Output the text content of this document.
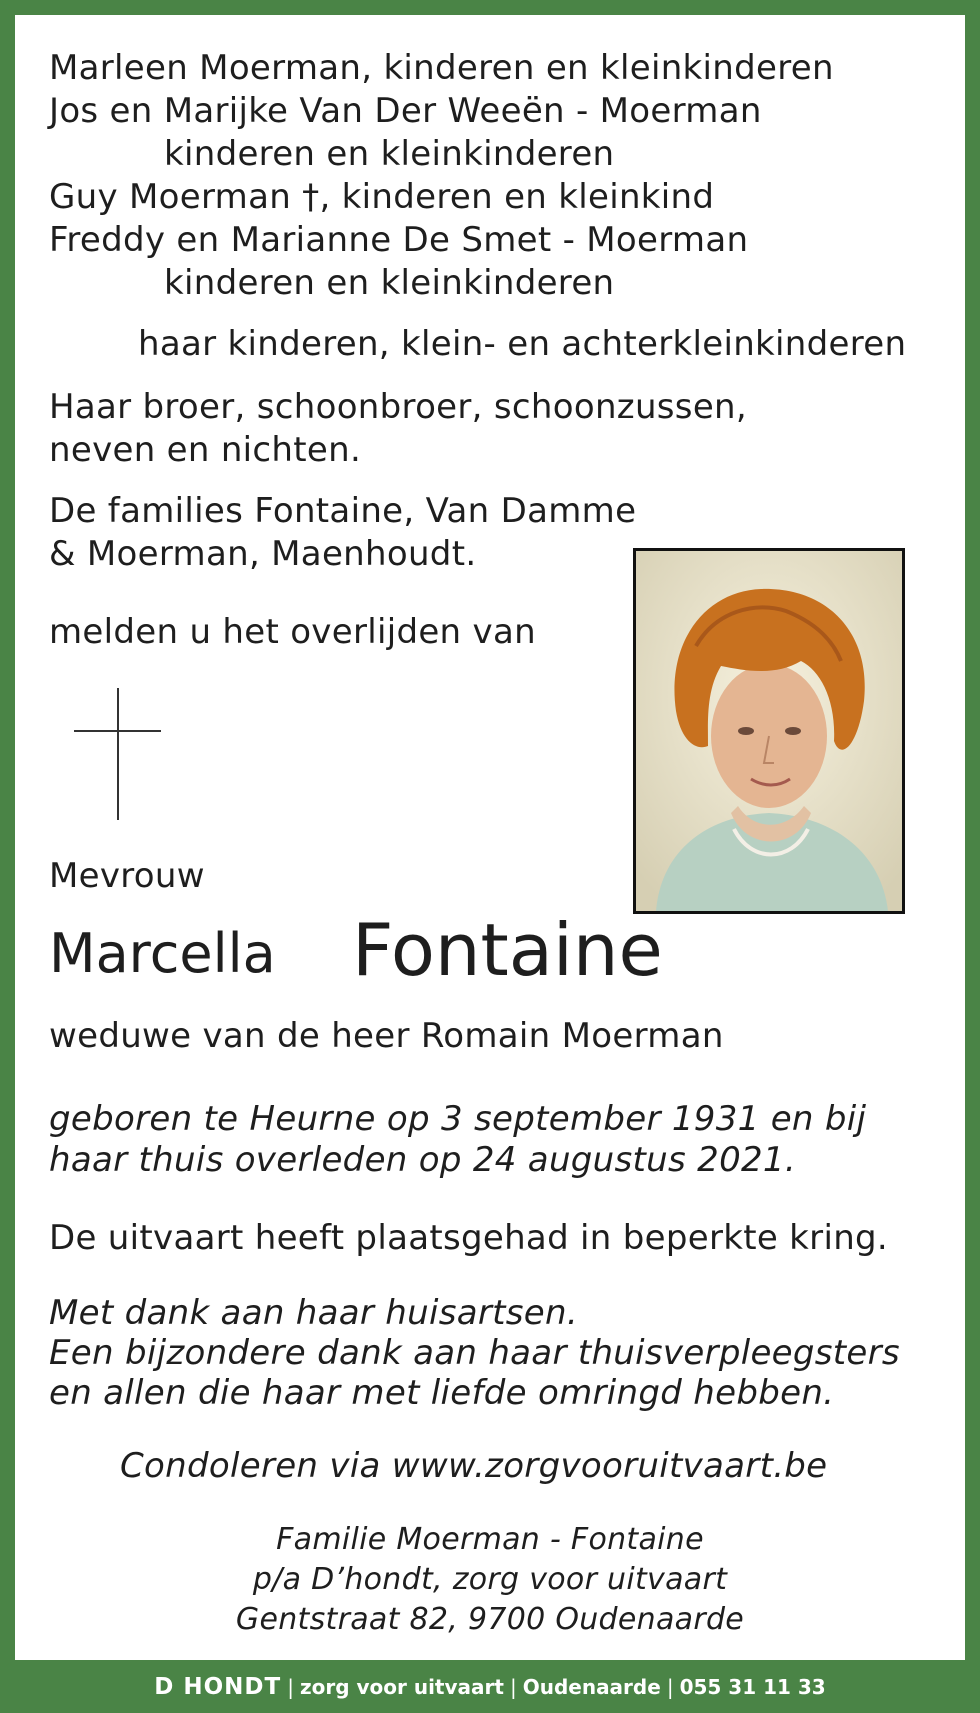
Marleen Moerman, kinderen en kleinkinderen
Jos en Marijke Van Der Weeën - Moerman
kinderen en kleinkinderen
Guy Moerman †, kinderen en kleinkind
Freddy en Marianne De Smet - Moerman
kinderen en kleinkinderen
haar kinderen, klein- en achterkleinkinderen
Haar broer, schoonbroer, schoonzussen,
neven en nichten.
De families Fontaine, Van Damme
& Moerman, Maenhoudt.
melden u het overlijden van
Mevrouw
Marcella Fontaine
weduwe van de heer Romain Moerman
geboren te Heurne op 3 september 1931 en bij
haar thuis overleden op 24 augustus 2021.
De uitvaart heeft plaatsgehad in beperkte kring.
Met dank aan haar huisartsen.
Een bijzondere dank aan haar thuisverpleegsters
en allen die haar met liefde omringd hebben.
Condoleren via www.zorgvooruitvaart.be
Familie Moerman - Fontaine
p/a D’hondt, zorg voor uitvaart
Gentstraat 82, 9700 Oudenaarde
D HONDT | zorg voor uitvaart | Oudenaarde | 055 31 11 33
